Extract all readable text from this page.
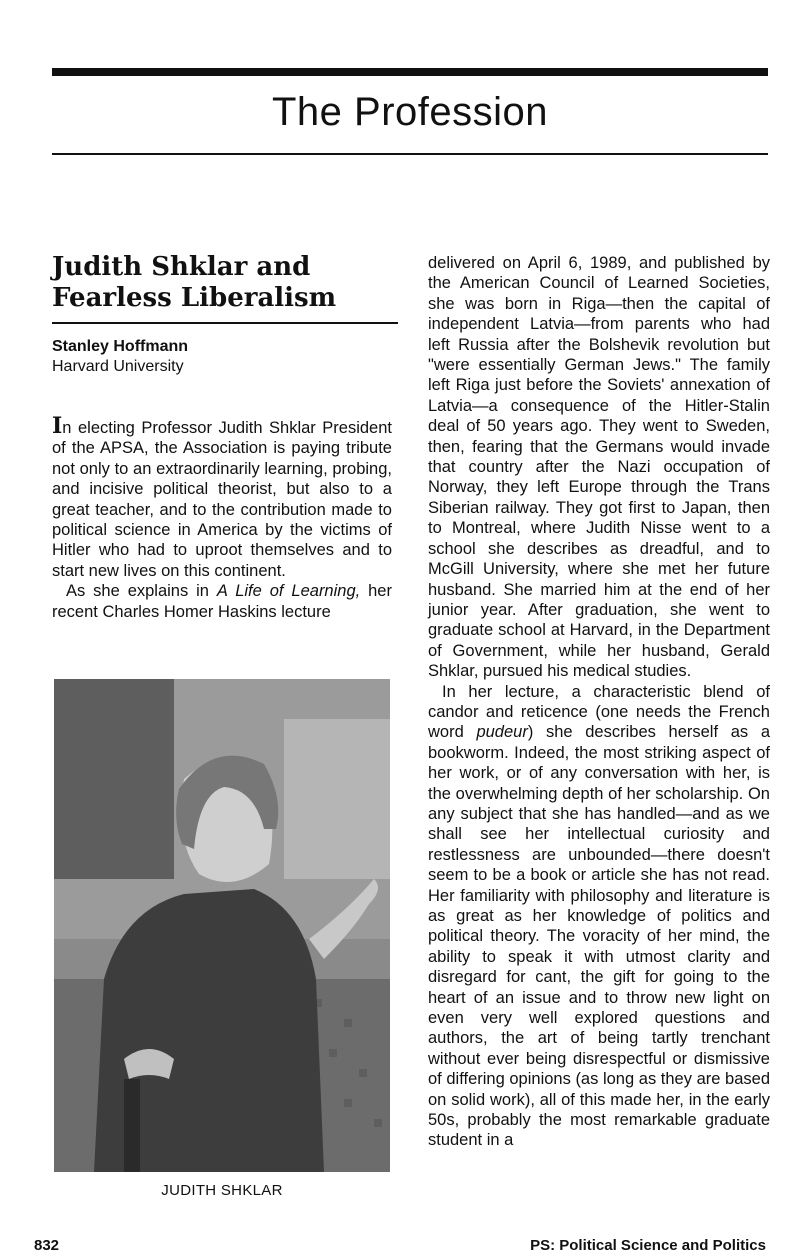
The Profession
Judith Shklar and
Fearless Liberalism
Stanley Hoffmann
Harvard University

In electing Professor Judith Shklar President of the APSA, the Association is paying tribute not only to an extraordinarily learning, probing, and incisive political theorist, but also to a great teacher, and to the contribution made to political science in America by the victims of Hitler who had to uproot themselves and to start new lives on this continent.

As she explains in A Life of Learning, her recent Charles Homer Haskins lecture

JUDITH SHKLAR

delivered on April 6, 1989, and published by the American Council of Learned Societies, she was born in Riga—then the capital of independent Latvia—from parents who had left Russia after the Bolshevik revolution but "were essentially German Jews." The family left Riga just before the Soviets' annexation of Latvia—a consequence of the Hitler-Stalin deal of 50 years ago. They went to Sweden, then, fearing that the Germans would invade that country after the Nazi occupation of Norway, they left Europe through the Trans Siberian railway. They got first to Japan, then to Montreal, where Judith Nisse went to a school she describes as dreadful, and to McGill University, where she met her future husband. She married him at the end of her junior year. After graduation, she went to graduate school at Harvard, in the Department of Government, while her husband, Gerald Shklar, pursued his medical studies.

In her lecture, a characteristic blend of candor and reticence (one needs the French word pudeur) she describes herself as a bookworm. Indeed, the most striking aspect of her work, or of any conversation with her, is the overwhelming depth of her scholarship. On any subject that she has handled—and as we shall see her intellectual curiosity and restlessness are unbounded—there doesn't seem to be a book or article she has not read. Her familiarity with philosophy and literature is as great as her knowledge of politics and political theory. The voracity of her mind, the ability to speak it with utmost clarity and disregard for cant, the gift for going to the heart of an issue and to throw new light on even very well explored questions and authors, the art of being tartly trenchant without ever being disrespectful or dismissive of differing opinions (as long as they are based on solid work), all of this made her, in the early 50s, probably the most remarkable graduate student in a

832	PS: Political Science and Politics
